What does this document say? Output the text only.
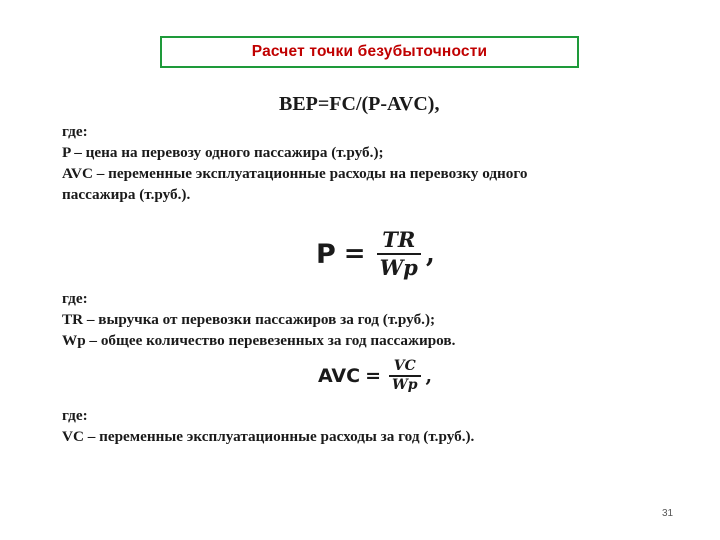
Расчет точки безубыточности
BEP=FC/(P-AVC),
где:
P – цена на перевозу одного пассажира (т.руб.);
AVC – переменные эксплуатационные расходы на перевозку одного
пассажира (т.руб.).
$P = \frac{TR}{Wp}$ ,
где:
TR – выручка от перевозки пассажиров за год (т.руб.);
Wp – общее количество перевезенных за год пассажиров.
AVC = $\frac{VC}{Wp}$ ,
где:
VC – переменные эксплуатационные расходы за год (т.руб.).
31
